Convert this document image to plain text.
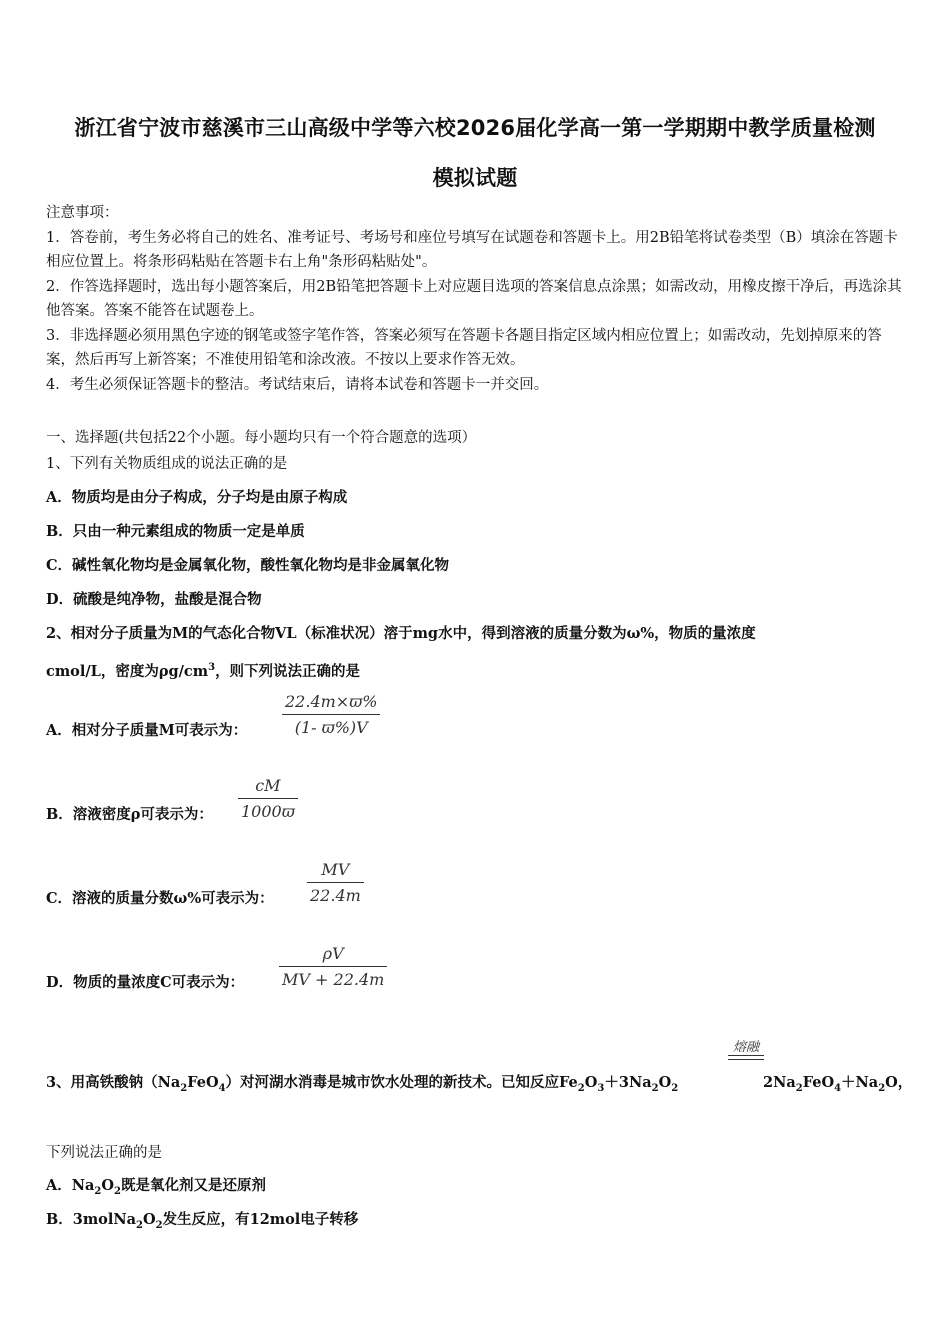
浙江省宁波市慈溪市三山高级中学等六校2026届化学高一第一学期期中教学质量检测
模拟试题
注意事项：
1．答卷前，考生务必将自己的姓名、准考证号、考场号和座位号填写在试题卷和答题卡上。用2B铅笔将试卷类型（B）填涂在答题卡相应位置上。将条形码粘贴在答题卡右上角"条形码粘贴处"。
2．作答选择题时，选出每小题答案后，用2B铅笔把答题卡上对应题目选项的答案信息点涂黑；如需改动，用橡皮擦干净后，再选涂其他答案。答案不能答在试题卷上。
3．非选择题必须用黑色字迹的钢笔或签字笔作答，答案必须写在答题卡各题目指定区域内相应位置上；如需改动，先划掉原来的答案，然后再写上新答案；不准使用铅笔和涂改液。不按以上要求作答无效。
4．考生必须保证答题卡的整洁。考试结束后，请将本试卷和答题卡一并交回。
一、选择题(共包括22个小题。每小题均只有一个符合题意的选项）
1、下列有关物质组成的说法正确的是
A．物质均是由分子构成，分子均是由原子构成
B．只由一种元素组成的物质一定是单质
C．碱性氧化物均是金属氧化物，酸性氧化物均是非金属氧化物
D．硫酸是纯净物，盐酸是混合物
2、相对分子质量为M的气态化合物VL（标准状况）溶于mg水中，得到溶液的质量分数为ω%，物质的量浓度
cmol/L，密度为$\rho g/cm^3$，则下列说法正确的是
A．相对分子质量M可表示为：
22.4m×ϖ%
(1- ϖ%)V
B．溶液密度ρ可表示为：
cM
1000ϖ
C．溶液的质量分数ω%可表示为：
MV
22.4m
D．物质的量浓度C可表示为：
ρV
MV + 22.4m
熔融
3、用高铁酸钠$(Na_2FeO_4)$对河湖水消毒是城市饮水处理的新技术。已知反应$Fe_2O_3+3Na_2O_2$	$2Na_2FeO_4+Na_2O$，
下列说法正确的是
A．$Na_2O_2$既是氧化剂又是还原剂
B．$3molNa_2O_2$发生反应，有12mol电子转移
